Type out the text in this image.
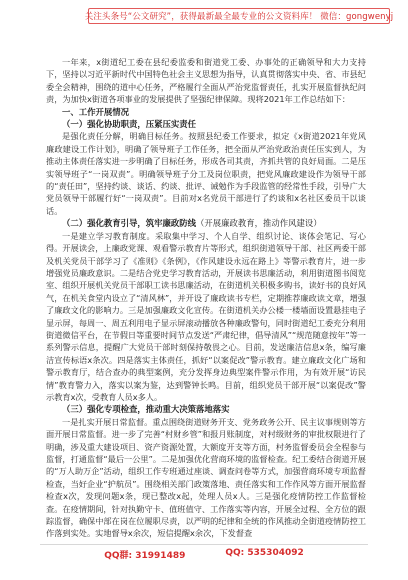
关注头条号“公文研究”，获得最新最全最专业的公文资料库！ 微信：gongwenyj

一年来，x街道纪工委在县纪委监委和街道党工委、办事处的正确领导和大力支持下，坚持以习近平新时代中国特色社会主义思想为指导，认真贯彻落实中央、省、市县纪委全会精神，围绕的道中心任务，严格履行全面从严治党监督责任，扎实开展监督执纪问责，为加快x街道各项事业的发展提供了坚强纪律保障。现将2021年工作总结如下：

一、工作开展情况

（一）强化协助职责，压紧压实责任

是强化责任分解，明确目标任务。按照县纪委工作要求，拟定《x街道2021年党风廉政建设工作计划》，明确了领导班子工作任务，把全面从严治党政治责任压实到人，为推动主体责任落实进一步明确了目标任务，形成各司其责，齐抓共管的良好局面。二是压实领导班子“一岗双责”。明确领导班子分工及岗位职责，把党风廉政建设作为领导干部的“责任田”，坚持约谈、谈话、约谈、批评、诫勉作为手段监管的经常性手段，引导广大党员领导干部履行好“一岗双责”。目前对x名党员干部进行了约谈和x名社区委员干以谈话。

（二）强化教育引导，筑牢廉政防线（开展廉政教育，推动作风建设）

一是建立学习教育制度。采取集中学习、个人自学、组织讨论、谈体会笔记、写心得。开展读会，上廉政党课、观看警示教育片等形式，组织街道领导干部、社区两委干部及机关党员干部学习了《准则》《条例》，《作风建设永远在路上》等警示教育片，进一步增强党员廉政意识。二是结合党史学习教育活动，开展读书思廉活动，利用街道图书阅览室、组织开展机关党员干部职工读书思廉活动，在街道机关积极多购书，读好书的良好风气，在机关食堂内设立了“清风林”，并开设了廉政读书专栏，定期推荐廉政读文章，增强了廉政文化的影响力。三是加强廉政文化宣传。在街道机关办公楼一楼墙面设置悬挂电子显示屏，每周一、周五利用电子显示屏滚动播放各种廉政警句，同时街道纪工委充分利用街道微信平台，在节假日等重要时间节点发送“严肃纪律，倡导清风”“规范随意按年”等一系列警示信息，提醒广大党员干部时刻保持敬畏之心。目前，发送廉洁信息x条，编写廉洁宣传标语x条次。四是落实主体责任，抓好“以案促改”警示教育。建立廉政文化广场和警示教育厅，结合查办的典型案例，充分发挥身边典型案件警示作用，为有效开展“访民情”教育警力入，落实以案为鉴，达到警钟长鸣。目前，组织党员干部开展“以案促改”警示教育x次，受教育人员x多人。

（三）强化专项检查，推动重大决策落地落实

一是扎实开展日常监督。重点围绕街道财务开支、党务政务公开、民主议事规则等方面开展日常监督。进一步了完善“村财乡管”和报月账制度，对村级财务的审批权限进行了明确，涉及重大建设项目、资产资源处置，大额度开支等方面，村务监督委员会全程参与监督，打通监督“最后一公里”。二是加强优化营商环境的监督检查。纪工委结合街道开展的“万人助万企”活动，组织工作专班通过座谈、调查问卷等方式，加强营商环境专项监督检查，当好企业“护航员”。围绕相关部门政策落地、责任落实和工作作风等方面开展监督检查x次，发现问题x条，现已整改x起，处理人员x人。三是强化疫情防控工作监督检查。在疫情期间，针对执勤守卡、值班值守、工作落实等内容，开展全过程、全方位的跟踪监督，确保中部在岗在位履职尽责，以严明的纪律和全统的作风推动全街道疫情防控工作落到实处。实地督导x余次，短信提醒x余次，下发督查

QQ群: 31991489	QQ: 535304092
